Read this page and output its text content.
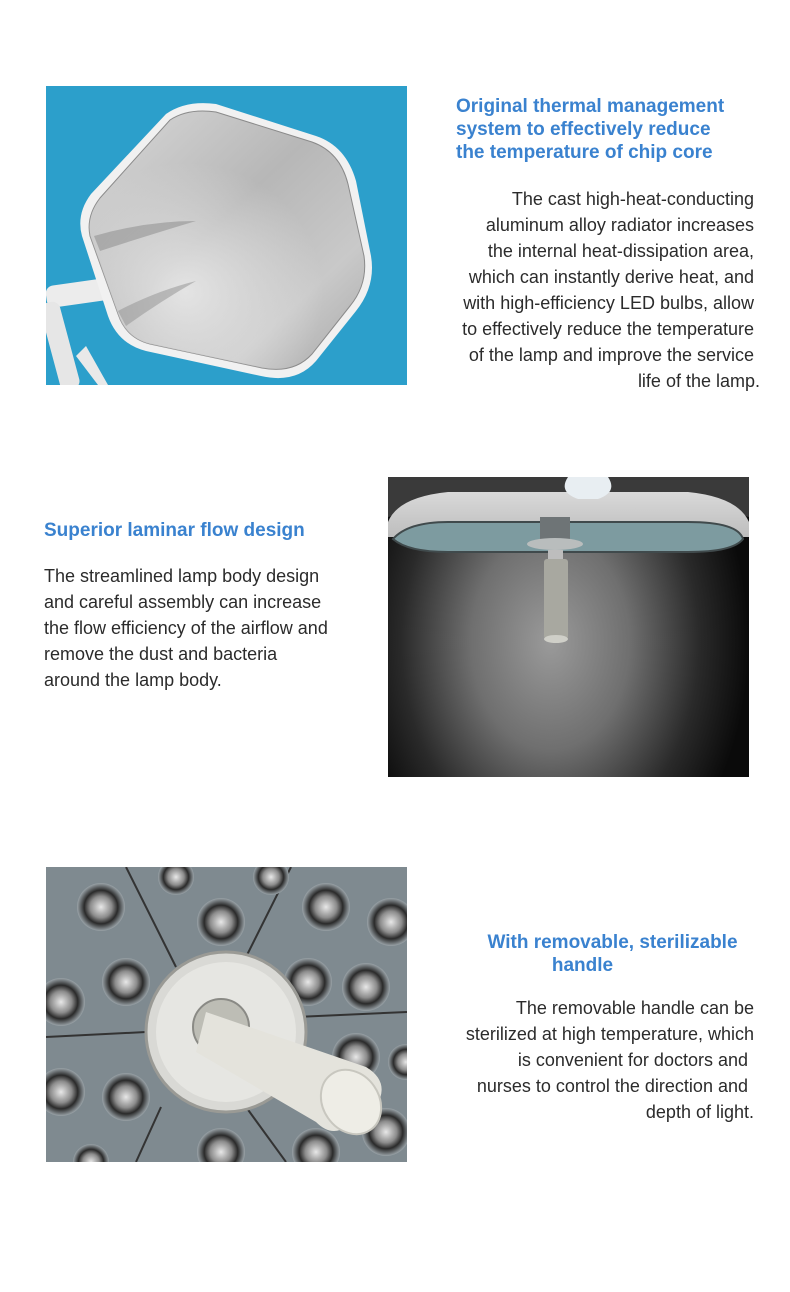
Original thermal management
system to effectively reduce
the temperature of chip core

The cast high-heat-conducting
aluminum alloy radiator increases
the internal heat-dissipation area,
which can instantly derive heat, and
with high-efficiency LED bulbs, allow
to effectively reduce the temperature
of the lamp and improve the service
life of the lamp.

Superior laminar flow design

The streamlined lamp body design
and careful assembly can increase
the flow efficiency of the airflow and
remove the dust and bacteria
around the lamp body.

With removable, sterilizable
handle

The removable handle can be
sterilized at high temperature, which
is convenient for doctors and
nurses to control the direction and
depth of light.
